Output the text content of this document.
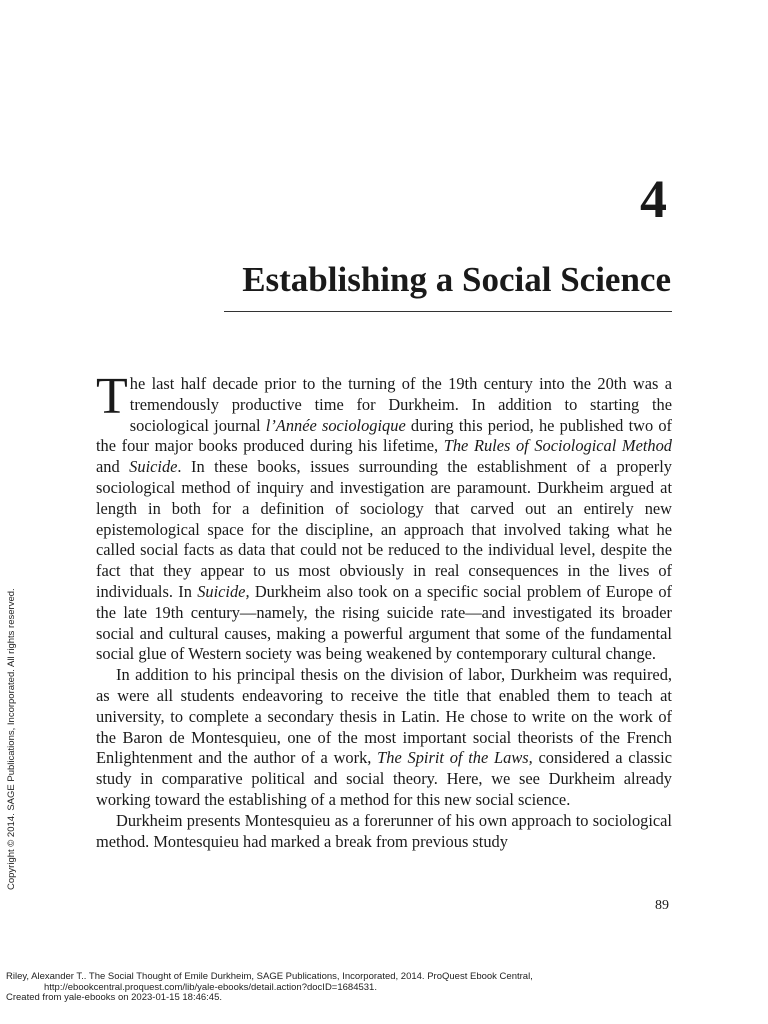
4
Establishing a Social Science

The last half decade prior to the turning of the 19th century into the 20th was a tremendously productive time for Durkheim. In addition to starting the sociological journal l’Année sociologique during this period, he published two of the four major books produced during his lifetime, The Rules of Sociological Method and Suicide. In these books, issues surrounding the establishment of a properly sociological method of inquiry and investigation are paramount. Durkheim argued at length in both for a definition of sociology that carved out an entirely new epistemological space for the discipline, an approach that involved taking what he called social facts as data that could not be reduced to the individual level, despite the fact that they appear to us most obviously in real consequences in the lives of individuals. In Suicide, Durkheim also took on a specific social problem of Europe of the late 19th century—namely, the rising suicide rate—and investigated its broader social and cultural causes, making a powerful argument that some of the fundamental social glue of Western society was being weakened by contemporary cultural change.

In addition to his principal thesis on the division of labor, Durkheim was required, as were all students endeavoring to receive the title that enabled them to teach at university, to complete a secondary thesis in Latin. He chose to write on the work of the Baron de Montesquieu, one of the most important social theorists of the French Enlightenment and the author of a work, The Spirit of the Laws, considered a classic study in comparative political and social theory. Here, we see Durkheim already working toward the establishing of a method for this new social science.

Durkheim presents Montesquieu as a forerunner of his own approach to sociological method. Montesquieu had marked a break from previous study

89
Copyright © 2014. SAGE Publications, Incorporated. All rights reserved.
Riley, Alexander T.. The Social Thought of Emile Durkheim, SAGE Publications, Incorporated, 2014. ProQuest Ebook Central,
http://ebookcentral.proquest.com/lib/yale-ebooks/detail.action?docID=1684531.
Created from yale-ebooks on 2023-01-15 18:46:45.
